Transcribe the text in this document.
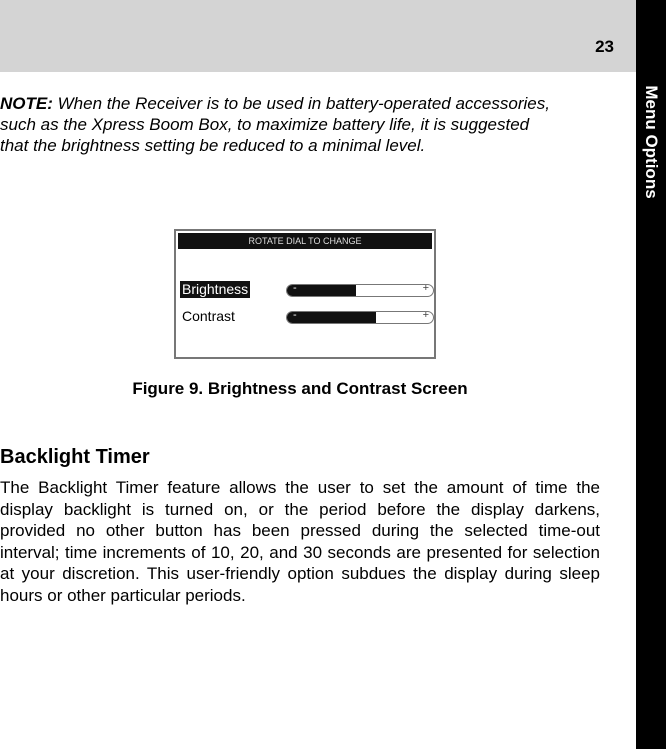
23
Menu Options
NOTE: When the Receiver is to be used in battery-operated accessories, such as the Xpress Boom Box, to maximize battery life, it is suggested that the brightness setting be reduced to a minimal level.
ROTATE DIAL TO CHANGE
Brightness	-	+
Contrast	-	+
Figure 9. Brightness and Contrast Screen
Backlight Timer
The Backlight Timer feature allows the user to set the amount of time the display backlight is turned on, or the period before the display darkens, provided no other button has been pressed during the selected time-out interval; time increments of 10, 20, and 30 seconds are presented for selection at your discretion. This user-friendly option subdues the display during sleep hours or other particular periods.
